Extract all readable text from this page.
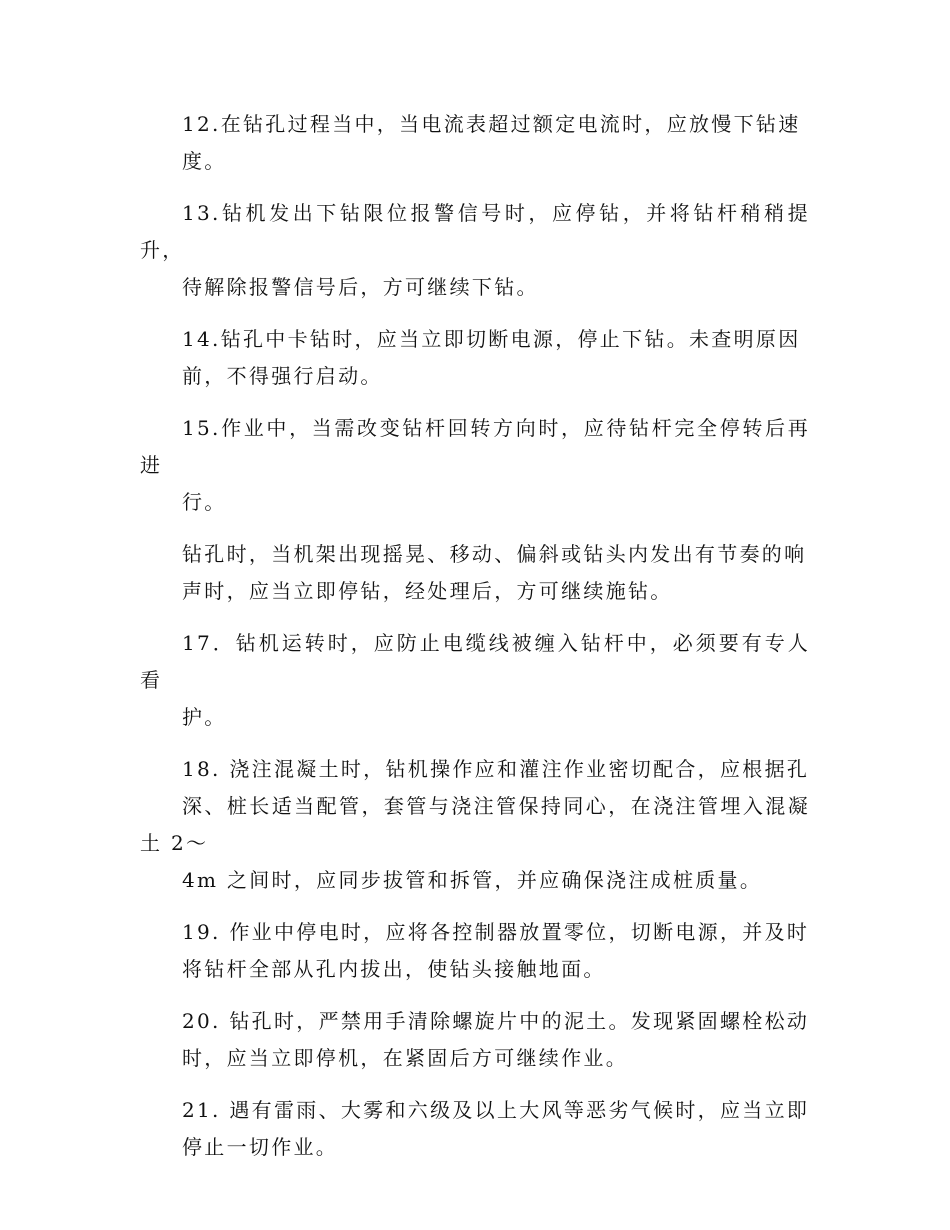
12.在钻孔过程当中，当电流表超过额定电流时，应放慢下钻速
度。

13.钻机发出下钻限位报警信号时，应停钻，并将钻杆稍稍提升，
待解除报警信号后，方可继续下钻。

14.钻孔中卡钻时，应当立即切断电源，停止下钻。未查明原因
前，不得强行启动。

15.作业中，当需改变钻杆回转方向时，应待钻杆完全停转后再进
行。

钻孔时，当机架出现摇晃、移动、偏斜或钻头内发出有节奏的响
声时，应当立即停钻，经处理后，方可继续施钻。

17．钻机运转时，应防止电缆线被缠入钻杆中，必须要有专人看
护。

18. 浇注混凝土时，钻机操作应和灌注作业密切配合，应根据孔
深、桩长适当配管，套管与浇注管保持同心，在浇注管埋入混凝土 2～
4m 之间时，应同步拔管和拆管，并应确保浇注成桩质量。

19. 作业中停电时，应将各控制器放置零位，切断电源，并及时
将钻杆全部从孔内拔出，使钻头接触地面。

20. 钻孔时，严禁用手清除螺旋片中的泥土。发现紧固螺栓松动
时，应当立即停机，在紧固后方可继续作业。

21. 遇有雷雨、大雾和六级及以上大风等恶劣气候时，应当立即
停止一切作业。
